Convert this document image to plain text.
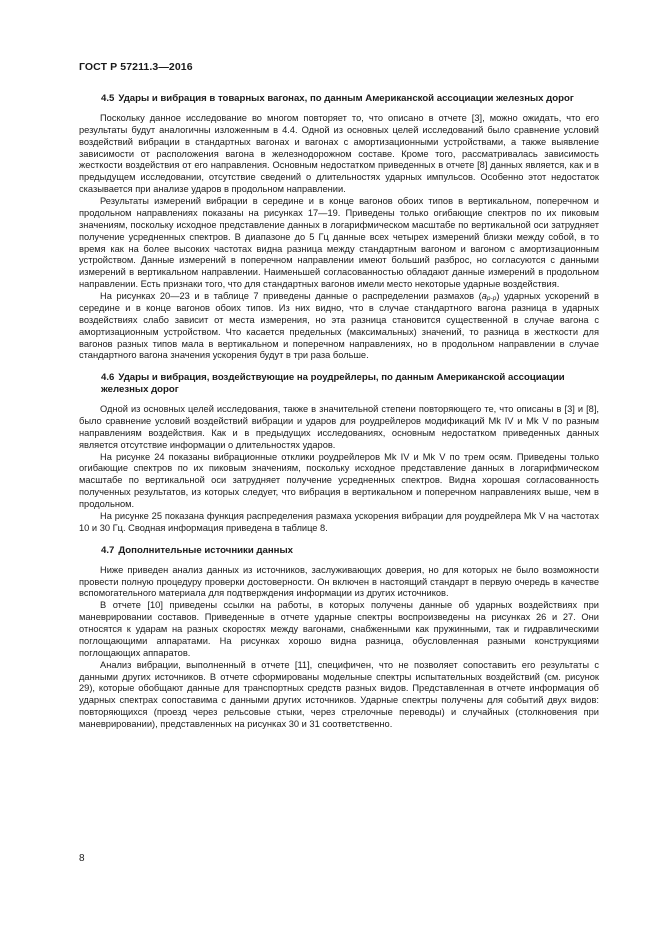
ГОСТ Р 57211.3—2016
4.5 Удары и вибрация в товарных вагонах, по данным Американской ассоциации железных дорог

Поскольку данное исследование во многом повторяет то, что описано в отчете [3], можно ожидать, что его результаты будут аналогичны изложенным в 4.4. Одной из основных целей исследований было сравнение условий воздействий вибрации в стандартных вагонах и вагонах с амортизационными устройствами, а также выявление зависимости от расположения вагона в железнодорожном составе. Кроме того, рассматривалась зависимость жесткости воздействия от его направления. Основным недостатком приведенных в отчете [8] данных является, как и в предыдущем исследовании, отсутствие сведений о длительностях ударных импульсов. Особенно этот недостаток сказывается при анализе ударов в продольном направлении.

Результаты измерений вибрации в середине и в конце вагонов обоих типов в вертикальном, поперечном и продольном направлениях показаны на рисунках 17—19. Приведены только огибающие спектров по их пиковым значениям, поскольку исходное представление данных в логарифмическом масштабе по вертикальной оси затрудняет получение усредненных спектров. В диапазоне до 5 Гц данные всех четырех измерений близки между собой, в то время как на более высоких частотах видна разница между стандартным вагоном и вагоном с амортизационным устройством. Данные измерений в поперечном направлении имеют больший разброс, но согласуются с данными измерений в вертикальном направлении. Наименьшей согласованностью обладают данные измерений в продольном направлении. Есть признаки того, что для стандартных вагонов имели место некоторые ударные воздействия.

На рисунках 20—23 и в таблице 7 приведены данные о распределении размахов $(a_{p-p})$ ударных ускорений в середине и в конце вагонов обоих типов. Из них видно, что в случае стандартного вагона разница в ударных воздействиях слабо зависит от места измерения, но эта разница становится существенной в случае вагона с амортизационным устройством. Что касается предельных (максимальных) значений, то разница в жесткости для вагонов разных типов мала в вертикальном и поперечном направлениях, но в продольном направлении в случае стандартного вагона значения ускорения будут в три раза больше.

4.6 Удары и вибрация, воздействующие на роудрейлеры, по данным Американской ассоциации железных дорог

Одной из основных целей исследования, также в значительной степени повторяющего те, что описаны в [3] и [8], было сравнение условий воздействий вибрации и ударов для роудрейлеров модификаций Mk IV и Mk V по разным направлениям воздействия. Как и в предыдущих исследованиях, основным недостатком приведенных данных является отсутствие информации о длительностях ударов.

На рисунке 24 показаны вибрационные отклики роудрейлеров Mk IV и Mk V по трем осям. Приведены только огибающие спектров по их пиковым значениям, поскольку исходное представление данных в логарифмическом масштабе по вертикальной оси затрудняет получение усредненных спектров. Видна хорошая согласованность полученных результатов, из которых следует, что вибрация в вертикальном и поперечном направлениях выше, чем в продольном.

На рисунке 25 показана функция распределения размаха ускорения вибрации для роудрейлера Mk V на частотах 10 и 30 Гц. Сводная информация приведена в таблице 8.

4.7 Дополнительные источники данных

Ниже приведен анализ данных из источников, заслуживающих доверия, но для которых не было возможности провести полную процедуру проверки достоверности. Он включен в настоящий стандарт в первую очередь в качестве вспомогательного материала для подтверждения информации из других источников.

В отчете [10] приведены ссылки на работы, в которых получены данные об ударных воздействиях при маневрировании составов. Приведенные в отчете ударные спектры воспроизведены на рисунках 26 и 27. Они относятся к ударам на разных скоростях между вагонами, снабженными как пружинными, так и гидравлическими поглощающими аппаратами. На рисунках хорошо видна разница, обусловленная разными конструкциями поглощающих аппаратов.

Анализ вибрации, выполненный в отчете [11], специфичен, что не позволяет сопоставить его результаты с данными других источников. В отчете сформированы модельные спектры испытательных воздействий (см. рисунок 29), которые обобщают данные для транспортных средств разных видов. Представленная в отчете информация об ударных спектрах сопоставима с данными других источников. Ударные спектры получены для событий двух видов: повторяющихся (проезд через рельсовые стыки, через стрелочные переводы) и случайных (столкновения при маневрировании), представленных на рисунках 30 и 31 соответственно.

8
